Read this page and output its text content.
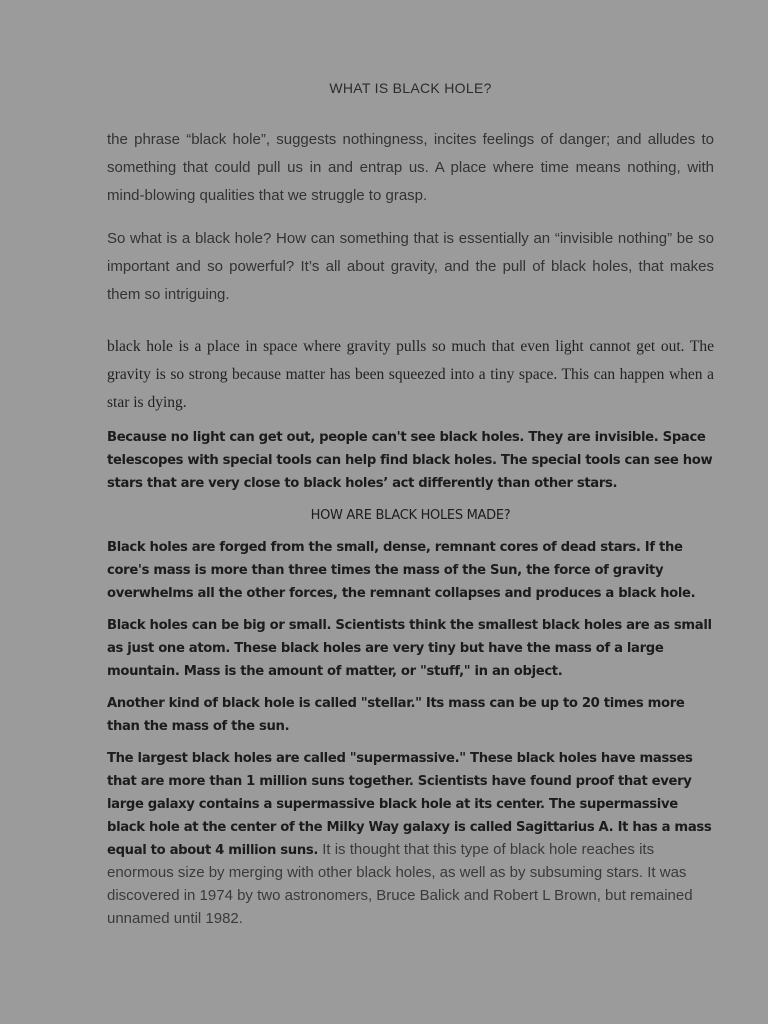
WHAT IS BLACK HOLE?

the phrase “black hole”, suggests nothingness, incites feelings of danger; and alludes to something that could pull us in and entrap us. A place where time means nothing, with mind-blowing qualities that we struggle to grasp.

So what is a black hole? How can something that is essentially an “invisible nothing” be so important and so powerful? It’s all about gravity, and the pull of black holes, that makes them so intriguing.

black hole is a place in space where gravity pulls so much that even light cannot get out. The gravity is so strong because matter has been squeezed into a tiny space. This can happen when a star is dying.

Because no light can get out, people can't see black holes. They are invisible. Space telescopes with special tools can help find black holes. The special tools can see how stars that are very close to black holes’ act differently than other stars.

HOW ARE BLACK HOLES MADE?

Black holes are forged from the small, dense, remnant cores of dead stars. If the core's mass is more than three times the mass of the Sun, the force of gravity overwhelms all the other forces, the remnant collapses and produces a black hole.

Black holes can be big or small. Scientists think the smallest black holes are as small as just one atom. These black holes are very tiny but have the mass of a large mountain. Mass is the amount of matter, or "stuff," in an object.

Another kind of black hole is called "stellar." Its mass can be up to 20 times more than the mass of the sun.

The largest black holes are called "supermassive." These black holes have masses that are more than 1 million suns together. Scientists have found proof that every large galaxy contains a supermassive black hole at its center. The supermassive black hole at the center of the Milky Way galaxy is called Sagittarius A. It has a mass equal to about 4 million suns. It is thought that this type of black hole reaches its enormous size by merging with other black holes, as well as by subsuming stars. It was discovered in 1974 by two astronomers, Bruce Balick and Robert L Brown, but remained unnamed until 1982.
